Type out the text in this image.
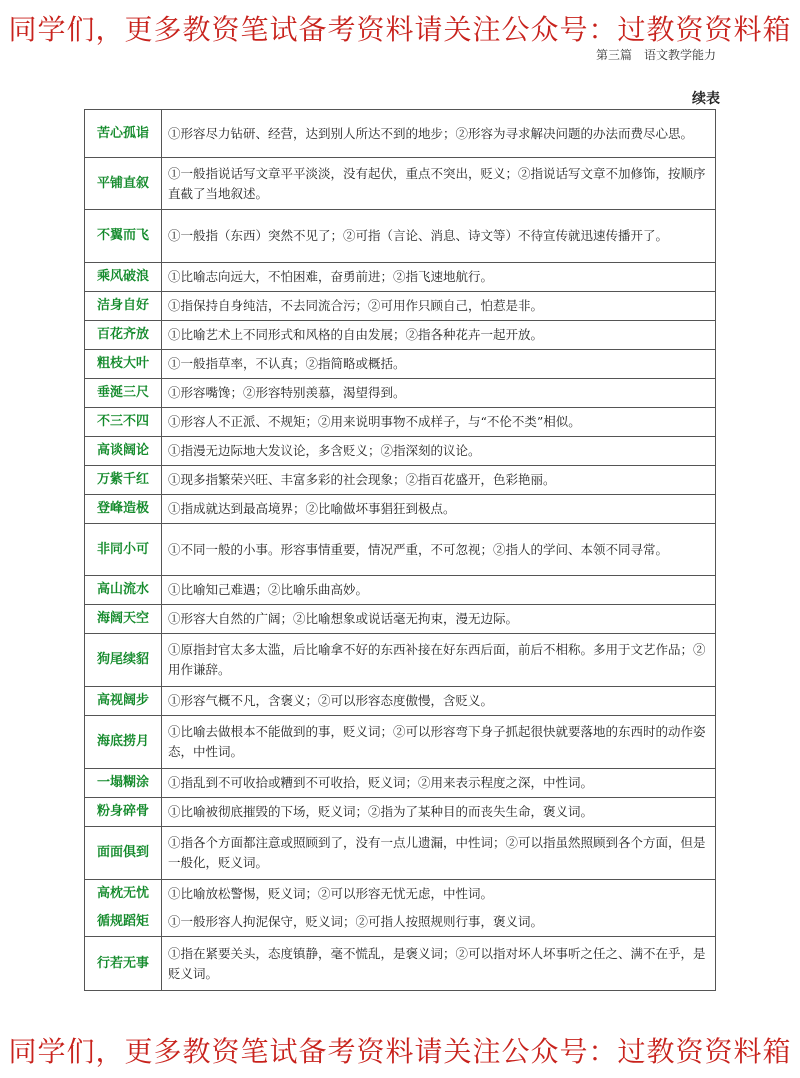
同学们，更多教资笔试备考资料请关注公众号：过教资资料箱
第三篇　语文教学能力
续表
苦心孤诣	①形容尽力钻研、经营，达到别人所达不到的地步；②形容为寻求解决问题的办法而费尽心思。
平铺直叙	①一般指说话写文章平平淡淡，没有起伏，重点不突出，贬义；②指说话写文章不加修饰，按顺序直截了当地叙述。
不翼而飞	①一般指（东西）突然不见了；②可指（言论、消息、诗文等）不待宣传就迅速传播开了。
乘风破浪	①比喻志向远大，不怕困难，奋勇前进；②指飞速地航行。
洁身自好	①指保持自身纯洁，不去同流合污；②可用作只顾自己，怕惹是非。
百花齐放	①比喻艺术上不同形式和风格的自由发展；②指各种花卉一起开放。
粗枝大叶	①一般指草率，不认真；②指简略或概括。
垂涎三尺	①形容嘴馋；②形容特别羡慕，渴望得到。
不三不四	①形容人不正派、不规矩；②用来说明事物不成样子，与“不伦不类”相似。
高谈阔论	①指漫无边际地大发议论，多含贬义；②指深刻的议论。
万紫千红	①现多指繁荣兴旺、丰富多彩的社会现象；②指百花盛开，色彩艳丽。
登峰造极	①指成就达到最高境界；②比喻做坏事猖狂到极点。
非同小可	①不同一般的小事。形容事情重要，情况严重，不可忽视；②指人的学问、本领不同寻常。
高山流水	①比喻知己难遇；②比喻乐曲高妙。
海阔天空	①形容大自然的广阔；②比喻想象或说话毫无拘束，漫无边际。
狗尾续貂	①原指封官太多太滥，后比喻拿不好的东西补接在好东西后面，前后不相称。多用于文艺作品；②用作谦辞。
高视阔步	①形容气概不凡，含褒义；②可以形容态度傲慢，含贬义。
海底捞月	①比喻去做根本不能做到的事，贬义词；②可以形容弯下身子抓起很快就要落地的东西时的动作姿态，中性词。
一塌糊涂	①指乱到不可收拾或糟到不可收拾，贬义词；②用来表示程度之深，中性词。
粉身碎骨	①比喻被彻底摧毁的下场，贬义词；②指为了某种目的而丧失生命，褒义词。
面面俱到	①指各个方面都注意或照顾到了，没有一点儿遗漏，中性词；②可以指虽然照顾到各个方面，但是一般化，贬义词。
高枕无忧	①比喻放松警惕，贬义词；②可以形容无忧无虑，中性词。
循规蹈矩	①一般形容人拘泥保守，贬义词；②可指人按照规则行事，褒义词。
行若无事	①指在紧要关头，态度镇静，毫不慌乱，是褒义词；②可以指对坏人坏事听之任之、满不在乎，是贬义词。
同学们，更多教资笔试备考资料请关注公众号：过教资资料箱
